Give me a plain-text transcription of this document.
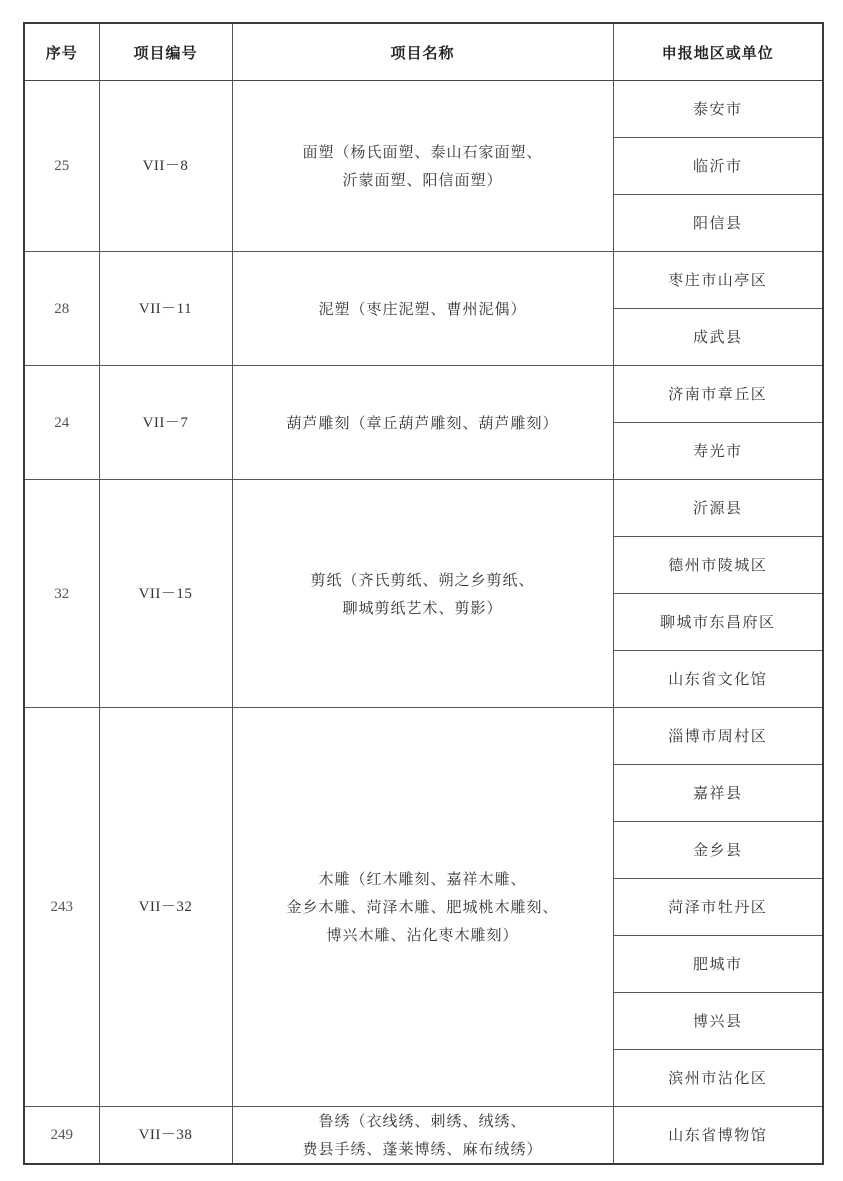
序号	项目编号	项目名称	申报地区或单位
25	VII－8	面塑（杨氏面塑、泰山石家面塑、
沂蒙面塑、阳信面塑）	泰安市
			临沂市
			阳信县
28	VII－11	泥塑（枣庄泥塑、曹州泥偶）	枣庄市山亭区
			成武县
24	VII－7	葫芦雕刻（章丘葫芦雕刻、葫芦雕刻）	济南市章丘区
			寿光市
32	VII－15	剪纸（齐氏剪纸、朔之乡剪纸、
聊城剪纸艺术、剪影）	沂源县
			德州市陵城区
			聊城市东昌府区
			山东省文化馆
243	VII－32	木雕（红木雕刻、嘉祥木雕、
金乡木雕、菏泽木雕、肥城桃木雕刻、
博兴木雕、沾化枣木雕刻）	淄博市周村区
			嘉祥县
			金乡县
			菏泽市牡丹区
			肥城市
			博兴县
			滨州市沾化区
249	VII－38	鲁绣（衣线绣、刺绣、绒绣、
费县手绣、蓬莱博绣、麻布绒绣）	山东省博物馆
